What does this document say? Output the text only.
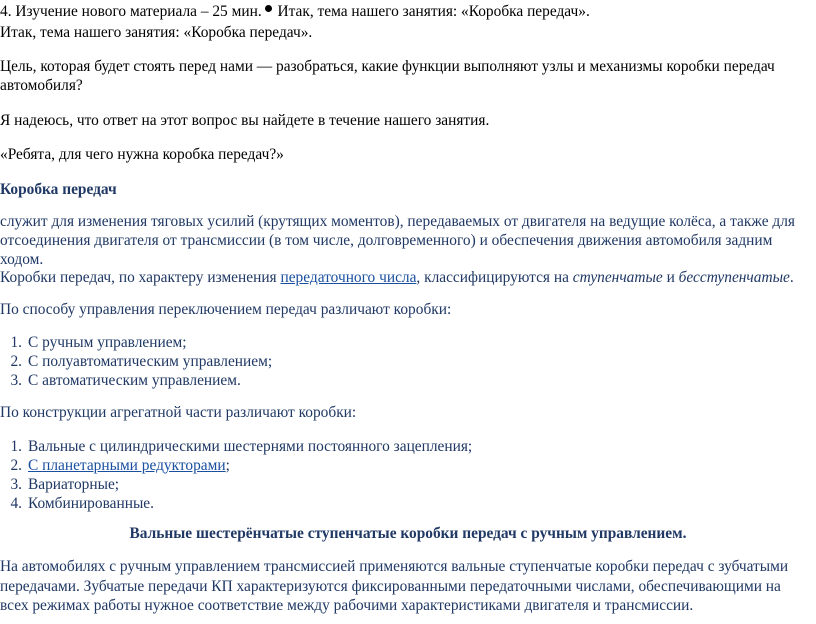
4. Изучение нового материала – 25 мин. Итак, тема нашего занятия: «Коробка передач».
Итак, тема нашего занятия: «Коробка передач».
Цель, которая будет стоять перед нами — разобраться, какие функции выполняют узлы и механизмы коробки передач
автомобиля?
Я надеюсь, что ответ на этот вопрос вы найдете в течение нашего занятия.
«Ребята, для чего нужна коробка передач?»
Коробка передач
служит для изменения тяговых усилий (крутящих моментов), передаваемых от двигателя на ведущие колёса, а также для
отсоединения двигателя от трансмиссии (в том числе, долговременного) и обеспечения движения автомобиля задним
ходом.
Коробки передач, по характеру изменения передаточного числа, классифицируются на ступенчатые и бесступенчатые.
По способу управления переключением передач различают коробки:
1. С ручным управлением;
2. С полуавтоматическим управлением;
3. С автоматическим управлением.
По конструкции агрегатной части различают коробки:
1. Вальные с цилиндрическими шестернями постоянного зацепления;
2. С планетарными редукторами;
3. Вариаторные;
4. Комбинированные.
Вальные шестерёнчатые ступенчатые коробки передач с ручным управлением.
На автомобилях с ручным управлением трансмиссией применяются вальные ступенчатые коробки передач с зубчатыми
передачами. Зубчатые передачи КП характеризуются фиксированными передаточными числами, обеспечивающими на
всех режимах работы нужное соответствие между рабочими характеристиками двигателя и трансмиссии.
